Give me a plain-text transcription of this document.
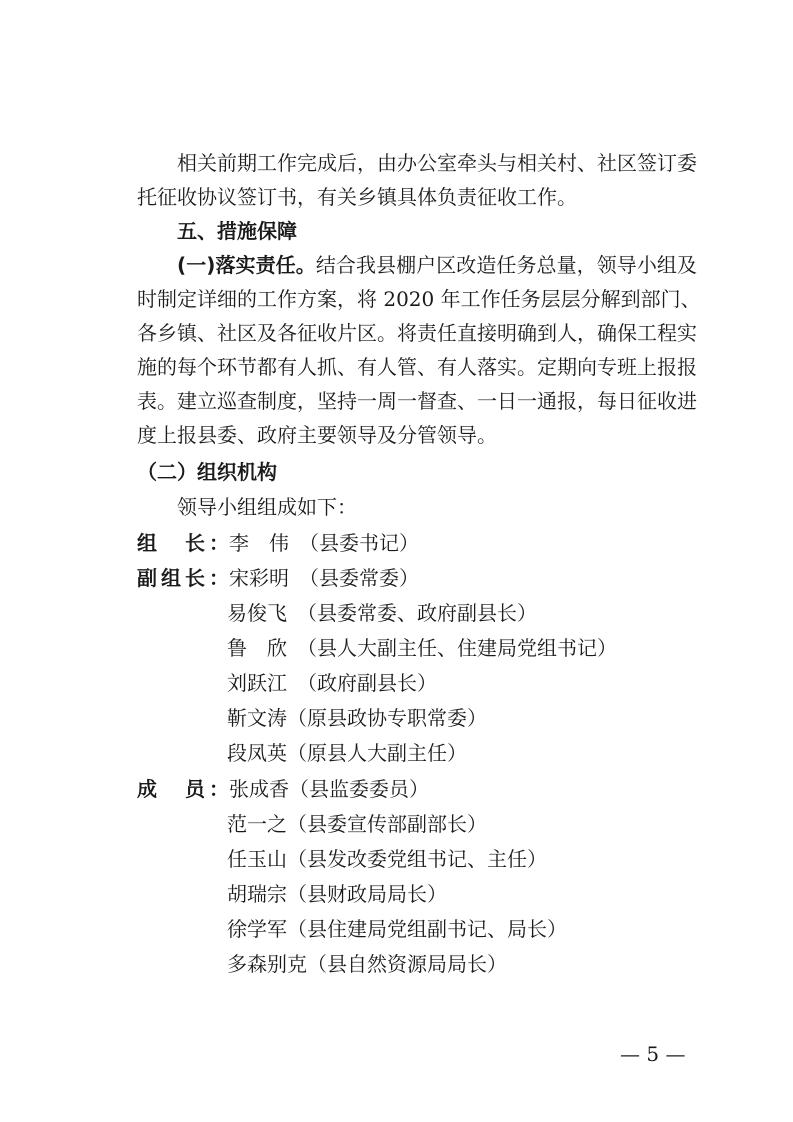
相关前期工作完成后，由办公室牵头与相关村、社区签订委
托征收协议签订书，有关乡镇具体负责征收工作。
五、措施保障
(一)落实责任。结合我县棚户区改造任务总量，领导小组及
时制定详细的工作方案，将 2020 年工作任务层层分解到部门、
各乡镇、社区及各征收片区。将责任直接明确到人，确保工程实
施的每个环节都有人抓、有人管、有人落实。定期向专班上报报
表。建立巡查制度，坚持一周一督查、一日一通报，每日征收进
度上报县委、政府主要领导及分管领导。
（二）组织机构
领导小组组成如下：
组　长：李　伟　（县委书记）
副组长：宋彩明　（县委常委）
易俊飞　（县委常委、政府副县长）
鲁　欣　（县人大副主任、住建局党组书记）
刘跃江　（政府副县长）
靳文涛（原县政协专职常委）
段凤英（原县人大副主任）
成　员：张成香（县监委委员）
范一之（县委宣传部副部长）
任玉山（县发改委党组书记、主任）
胡瑞宗（县财政局局长）
徐学军（县住建局党组副书记、局长）
多森别克（县自然资源局局长）
— 5 —
